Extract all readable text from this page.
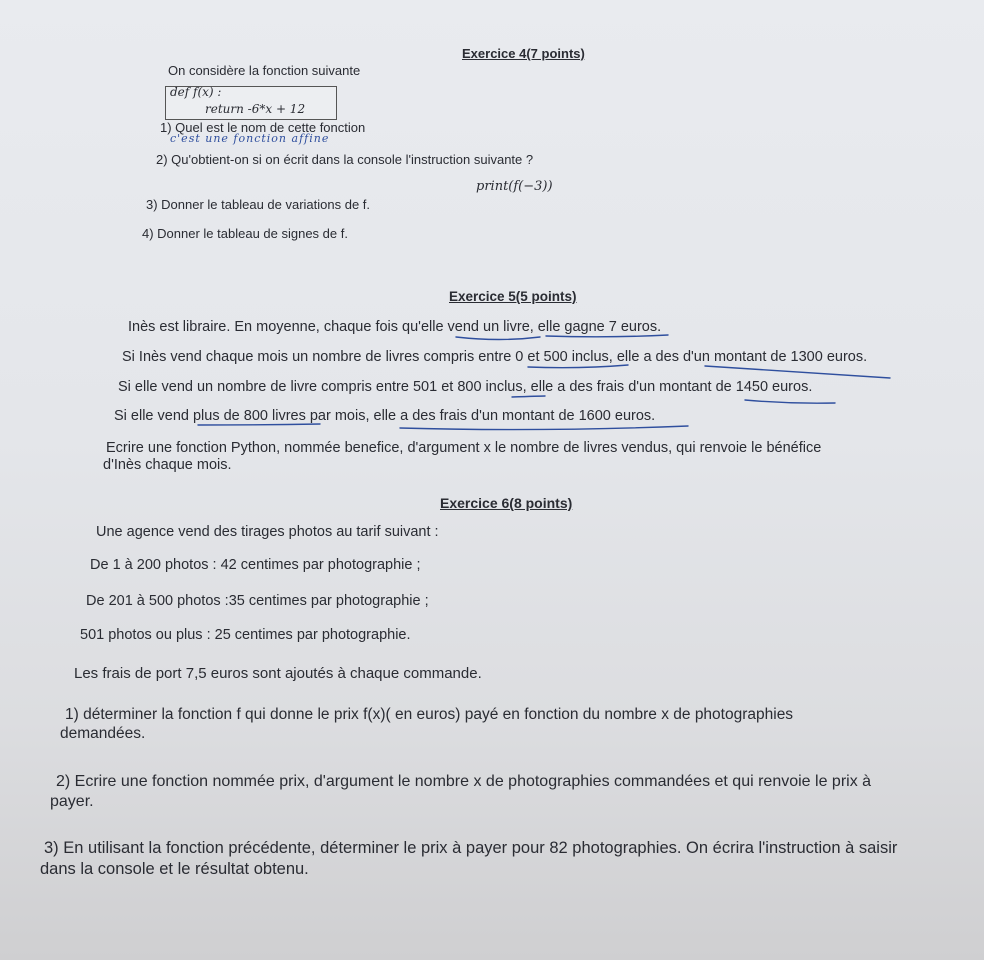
Exercice 4(7 points)
On considère la fonction suivante
def f(x) :
return -6*x + 12
1) Quel est le nom de cette fonction
c'est une fonction affine
2) Qu'obtient-on si on écrit dans la console l'instruction suivante ?
print(f(−3))
3) Donner le tableau de variations de f.
4) Donner le tableau de signes de f.
Exercice 5(5 points)
Inès est libraire. En moyenne, chaque fois qu'elle vend un livre, elle gagne 7 euros.
Si Inès vend chaque mois un nombre de livres compris entre 0 et 500 inclus, elle a des d'un montant de 1300 euros.
Si elle vend un nombre de livre compris entre 501 et 800 inclus, elle a des frais d'un montant de 1450 euros.
Si elle vend plus de 800 livres par mois, elle a des frais d'un montant de 1600 euros.
Ecrire une fonction Python, nommée benefice, d'argument x le nombre de livres vendus, qui renvoie le bénéfice
d'Inès chaque mois.
Exercice 6(8 points)
Une agence vend des tirages photos au tarif suivant :
De 1 à 200 photos : 42 centimes par photographie ;
De 201 à 500 photos :35 centimes par photographie ;
501 photos ou plus : 25 centimes par photographie.
Les frais de port 7,5 euros sont ajoutés à chaque commande.
1) déterminer la fonction f qui donne le prix f(x)( en euros) payé en fonction du nombre x de photographies
demandées.
2) Ecrire une fonction nommée prix, d'argument le nombre x de photographies commandées et qui renvoie le prix à
payer.
3) En utilisant la fonction précédente, déterminer le prix à payer pour 82 photographies. On écrira l'instruction à saisir
dans la console et le résultat obtenu.
